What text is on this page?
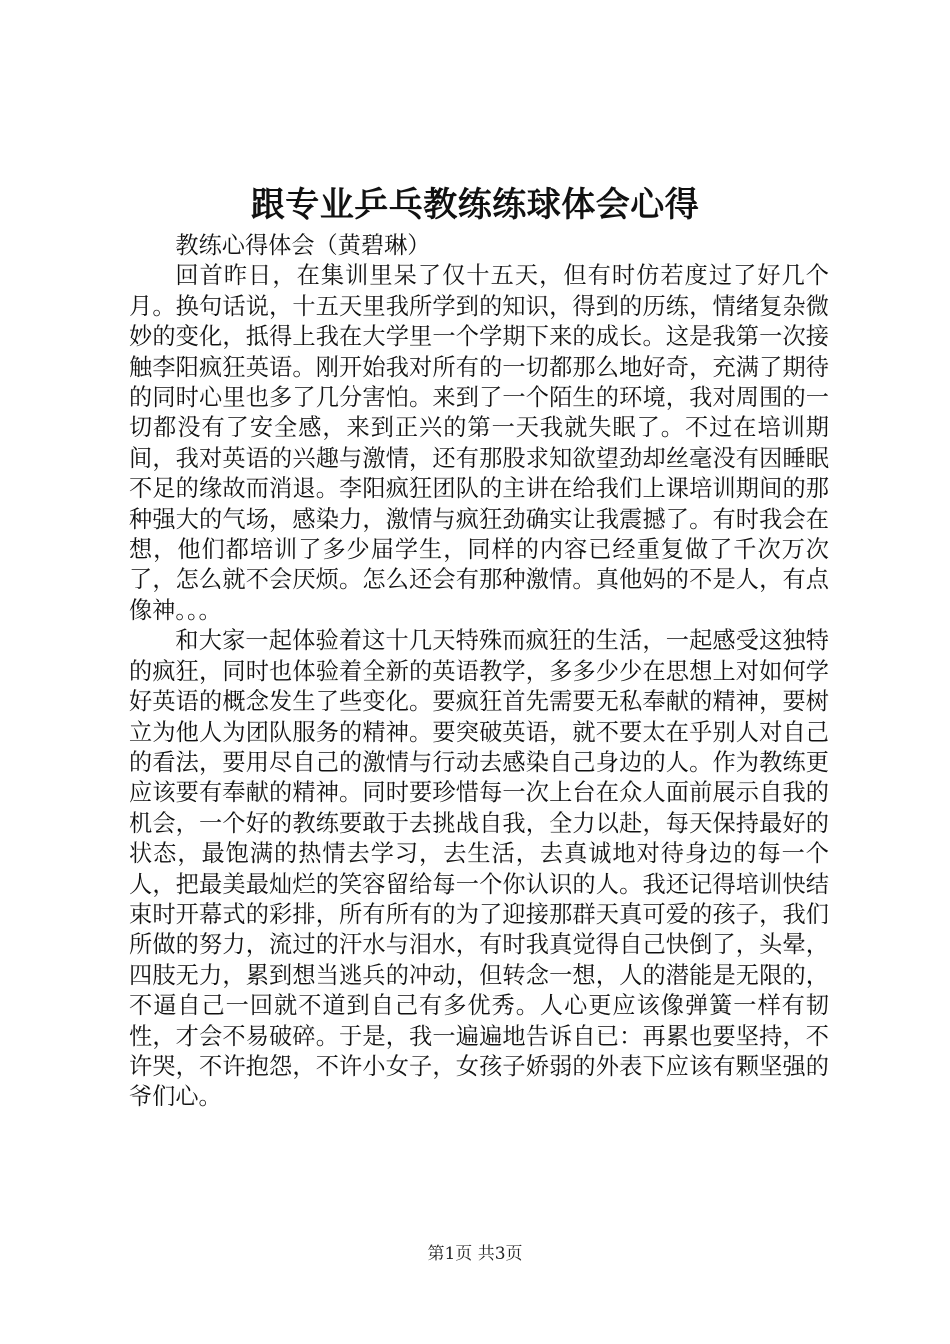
跟专业乒乓教练练球体会心得

教练心得体会（黄碧琳）

回首昨日，在集训里呆了仅十五天，但有时仿若度过了好几个月。换句话说，十五天里我所学到的知识，得到的历练，情绪复杂微妙的变化，抵得上我在大学里一个学期下来的成长。这是我第一次接触李阳疯狂英语。刚开始我对所有的一切都那么地好奇，充满了期待的同时心里也多了几分害怕。来到了一个陌生的环境，我对周围的一切都没有了安全感，来到正兴的第一天我就失眠了。不过在培训期间，我对英语的兴趣与激情，还有那股求知欲望劲却丝毫没有因睡眠不足的缘故而消退。李阳疯狂团队的主讲在给我们上课培训期间的那种强大的气场，感染力，激情与疯狂劲确实让我震撼了。有时我会在想，他们都培训了多少届学生，同样的内容已经重复做了千次万次了，怎么就不会厌烦。怎么还会有那种激情。真他妈的不是人，有点像神。。。

和大家一起体验着这十几天特殊而疯狂的生活，一起感受这独特的疯狂，同时也体验着全新的英语教学，多多少少在思想上对如何学好英语的概念发生了些变化。要疯狂首先需要无私奉献的精神，要树立为他人为团队服务的精神。要突破英语，就不要太在乎别人对自己的看法，要用尽自己的激情与行动去感染自己身边的人。作为教练更应该要有奉献的精神。同时要珍惜每一次上台在众人面前展示自我的机会，一个好的教练要敢于去挑战自我，全力以赴，每天保持最好的状态，最饱满的热情去学习，去生活，去真诚地对待身边的每一个人，把最美最灿烂的笑容留给每一个你认识的人。我还记得培训快结束时开幕式的彩排，所有所有的为了迎接那群天真可爱的孩子，我们所做的努力，流过的汗水与泪水，有时我真觉得自己快倒了，头晕，四肢无力，累到想当逃兵的冲动，但转念一想，人的潜能是无限的，不逼自己一回就不道到自己有多优秀。人心更应该像弹簧一样有韧性，才会不易破碎。于是，我一遍遍地告诉自已：再累也要坚持，不许哭，不许抱怨，不许小女子，女孩子娇弱的外表下应该有颗坚强的爷们心。

第1页 共3页
